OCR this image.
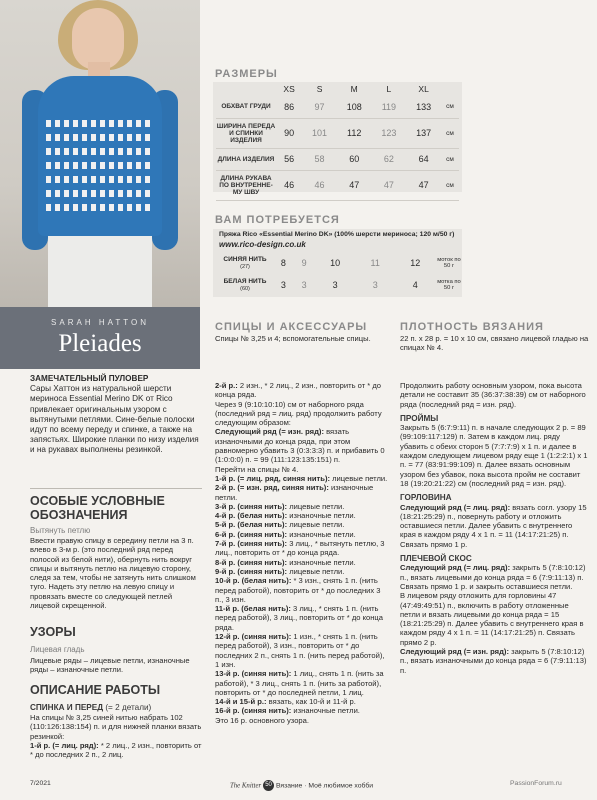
SARAH HATTON
Pleiades
РАЗМЕРЫ
	XS	S	M	L	XL	
ОБХВАТ ГРУДИ	86	97	108	119	133	см
ШИРИНА ПЕРЕДА И СПИНКИ ИЗДЕЛИЯ	90	101	112	123	137	см
ДЛИНА ИЗДЕЛИЯ	56	58	60	62	64	см
ДЛИНА РУКАВА ПО ВНУТРЕННЕ-МУ ШВУ	46	46	47	47	47	см
ВАМ ПОТРЕБУЕТСЯ
Пряжа Rico «Essential Merino DK» (100% шерсти мериноса; 120 м/50 г)
www.rico-design.co.uk
СИНЯЯ НИТЬ
(27)	8	9	10	11	12	моток по 50 г
БЕЛАЯ НИТЬ
(60)	3	3	3	3	4	мотка по 50 г
СПИЦЫ И АКСЕССУАРЫ
Спицы № 3,25 и 4; вспомогательные спицы.
ПЛОТНОСТЬ ВЯЗАНИЯ
22 п. х 28 р. = 10 х 10 см, связано лицевой гладью на спицах № 4.
ЗАМЕЧАТЕЛЬНЫЙ ПУЛОВЕР
Сары Хаттон из натуральной шерсти мериноса Essential Merino DK от Rico привлекает оригинальным узором с вытянутыми петлями. Сине-белые полоски идут по всему переду и спинке, а также на запястьях. Широкие планки по низу изделия и на рукавах выполнены резинкой.
ОСОБЫЕ УСЛОВНЫЕ ОБОЗНАЧЕНИЯ
Вытянуть петлю
Ввести правую спицу в середину петли на 3 п. влево в 3-м р. (это последний ряд перед полосой из белой нити), обернуть нить вокруг спицы и вытянуть петлю на лицевую сторону, следя за тем, чтобы не затянуть нить слишком туго. Надеть эту петлю на левую спицу и провязать вместе со следующей петлей лицевой скрещенной.
УЗОРЫ
Лицевая гладь
Лицевые ряды – лицевые петли, изнаночные ряды – изнаночные петли.
ОПИСАНИЕ РАБОТЫ
СПИНКА И ПЕРЕД (= 2 детали)
На спицы № 3,25 синей нитью набрать 102 (110:126:138:154) п. и для нижней планки вязать резинкой:
1-й р. (= лиц. ряд): * 2 лиц., 2 изн., повторить от * до последних 2 п., 2 лиц.
2-й р.: 2 изн., * 2 лиц., 2 изн., повторить от * до конца ряда.
Через 9 (9:10:10:10) см от наборного ряда (последний ряд = лиц. ряд) продолжить работу следующим образом:
Следующий ряд (= изн. ряд): вязать изнаночными до конца ряда, при этом равномерно убавить 3 (0:3:3:3) п. и прибавить 0 (1:0:0:0) п. = 99 (111:123:135:151) п.
Перейти на спицы № 4.
1-й р. (= лиц. ряд, синяя нить): лицевые петли.
2-й р. (= изн. ряд, синяя нить): изнаночные петли.
3-й р. (синяя нить): лицевые петли.
4-й р. (белая нить): изнаночные петли.
5-й р. (белая нить): лицевые петли.
6-й р. (синяя нить): изнаночные петли.
7-й р. (синяя нить): 3 лиц., * вытянуть петлю, 3 лиц., повторить от * до конца ряда.
8-й р. (синяя нить): изнаночные петли.
9-й р. (синяя нить): лицевые петли.
10-й р. (белая нить): * 3 изн., снять 1 п. (нить перед работой), повторить от * до последних 3 п., 3 изн.
11-й р. (белая нить): 3 лиц., * снять 1 п. (нить перед работой), 3 лиц., повторить от * до конца ряда.
12-й р. (синяя нить): 1 изн., * снять 1 п. (нить перед работой), 3 изн., повторить от * до последних 2 п., снять 1 п. (нить перед работой), 1 изн.
13-й р. (синяя нить): 1 лиц., снять 1 п. (нить за работой), * 3 лиц., снять 1 п. (нить за работой), повторить от * до последней петли, 1 лиц.
14-й и 15-й р.: вязать, как 10-й и 11-й р.
16-й р. (синяя нить): изнаночные петли.
Это 16 р. основного узора.
Продолжить работу основным узором, пока высота детали не составит 35 (36:37:38:39) см от наборного ряда (последний ряд = изн. ряд).
ПРОЙМЫ
Закрыть 5 (6:7:9:11) п. в начале следующих 2 р. = 89 (99:109:117:129) п. Затем в каждом лиц. ряду убавить с обеих сторон 5 (7:7:7:9) х 1 п. и далее в каждом следующем лицевом ряду еще 1 (1:2:2:1) х 1 п. = 77 (83:91:99:109) п. Далее вязать основным узором без убавок, пока высота пройм не составит 18 (19:20:21:22) см (последний ряд = изн. ряд).
ГОРЛОВИНА
Следующий ряд (= лиц. ряд): вязать согл. узору 15 (18:21:25:29) п., повернуть работу и отложить оставшиеся петли. Далее убавить с внутреннего края в каждом ряду 4 х 1 п. = 11 (14:17:21:25) п. Связать прямо 1 р.
ПЛЕЧЕВОЙ СКОС
Следующий ряд (= лиц. ряд): закрыть 5 (7:8:10:12) п., вязать лицевыми до конца ряда = 6 (7:9:11:13) п.
Связать прямо 1 р. и закрыть оставшиеся петли.
В лицевом ряду отложить для горловины 47 (47:49:49:51) п., включить в работу отложенные петли и вязать лицевыми до конца ряда = 15 (18:21:25:29) п. Далее убавить с внутреннего края в каждом ряду 4 х 1 п. = 11 (14:17:21:25) п. Связать прямо 2 р.
Следующий ряд (= изн. ряд): закрыть 5 (7:8:10:12) п., вязать изнаночными до конца ряда = 6 (7:9:11:13) п.
7/2021	The Knitter 50 Вязание · Моё любимое хобби	PassionForum.ru
